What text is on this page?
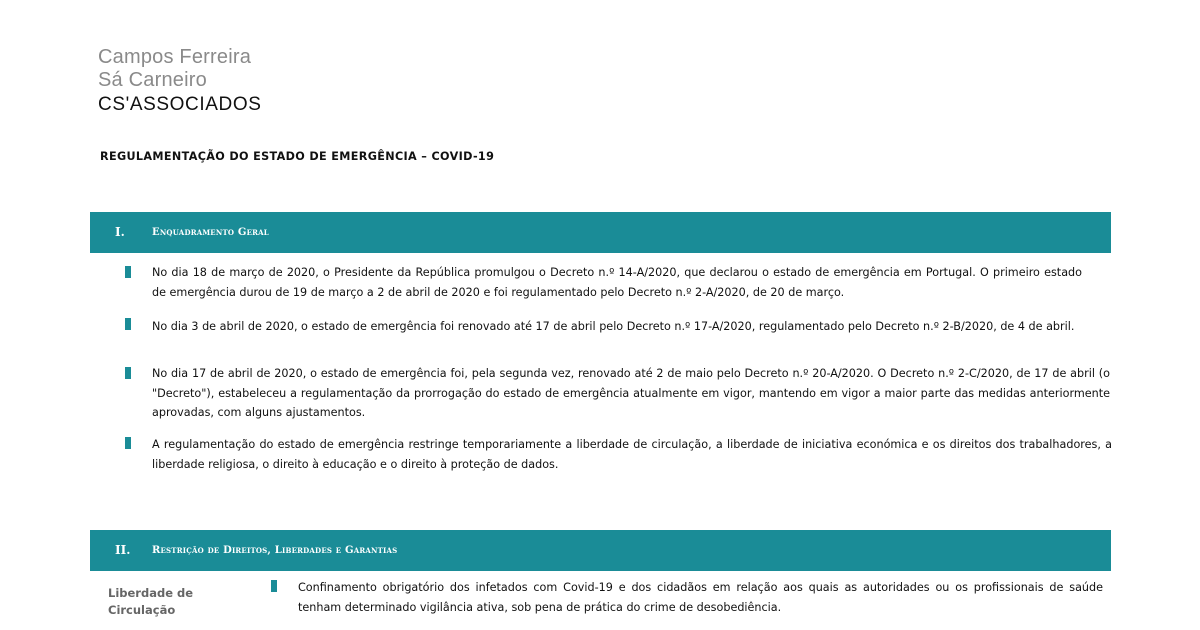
Campos Ferreira
Sá Carneiro
CS'ASSOCIADOS
REGULAMENTAÇÃO DO ESTADO DE EMERGÊNCIA – COVID-19
I.	Enquadramento Geral
No dia 18 de março de 2020, o Presidente da República promulgou o Decreto n.º 14-A/2020, que declarou o estado de emergência em Portugal. O primeiro estado de emergência durou de 19 de março a 2 de abril de 2020 e foi regulamentado pelo Decreto n.º 2-A/2020, de 20 de março.
No dia 3 de abril de 2020, o estado de emergência foi renovado até 17 de abril pelo Decreto n.º 17-A/2020, regulamentado pelo Decreto n.º 2-B/2020, de 4 de abril.
No dia 17 de abril de 2020, o estado de emergência foi, pela segunda vez, renovado até 2 de maio pelo Decreto n.º 20-A/2020. O Decreto n.º 2-C/2020, de 17 de abril (o "Decreto"), estabeleceu a regulamentação da prorrogação do estado de emergência atualmente em vigor, mantendo em vigor a maior parte das medidas anteriormente aprovadas, com alguns ajustamentos.
A regulamentação do estado de emergência restringe temporariamente a liberdade de circulação, a liberdade de iniciativa económica e os direitos dos trabalhadores, a liberdade religiosa, o direito à educação e o direito à proteção de dados.
II. Restrição de Direitos, Liberdades e Garantias
Liberdade de Circulação
Confinamento obrigatório dos infetados com Covid-19 e dos cidadãos em relação aos quais as autoridades ou os profissionais de saúde tenham determinado vigilância ativa, sob pena de prática do crime de desobediência.
